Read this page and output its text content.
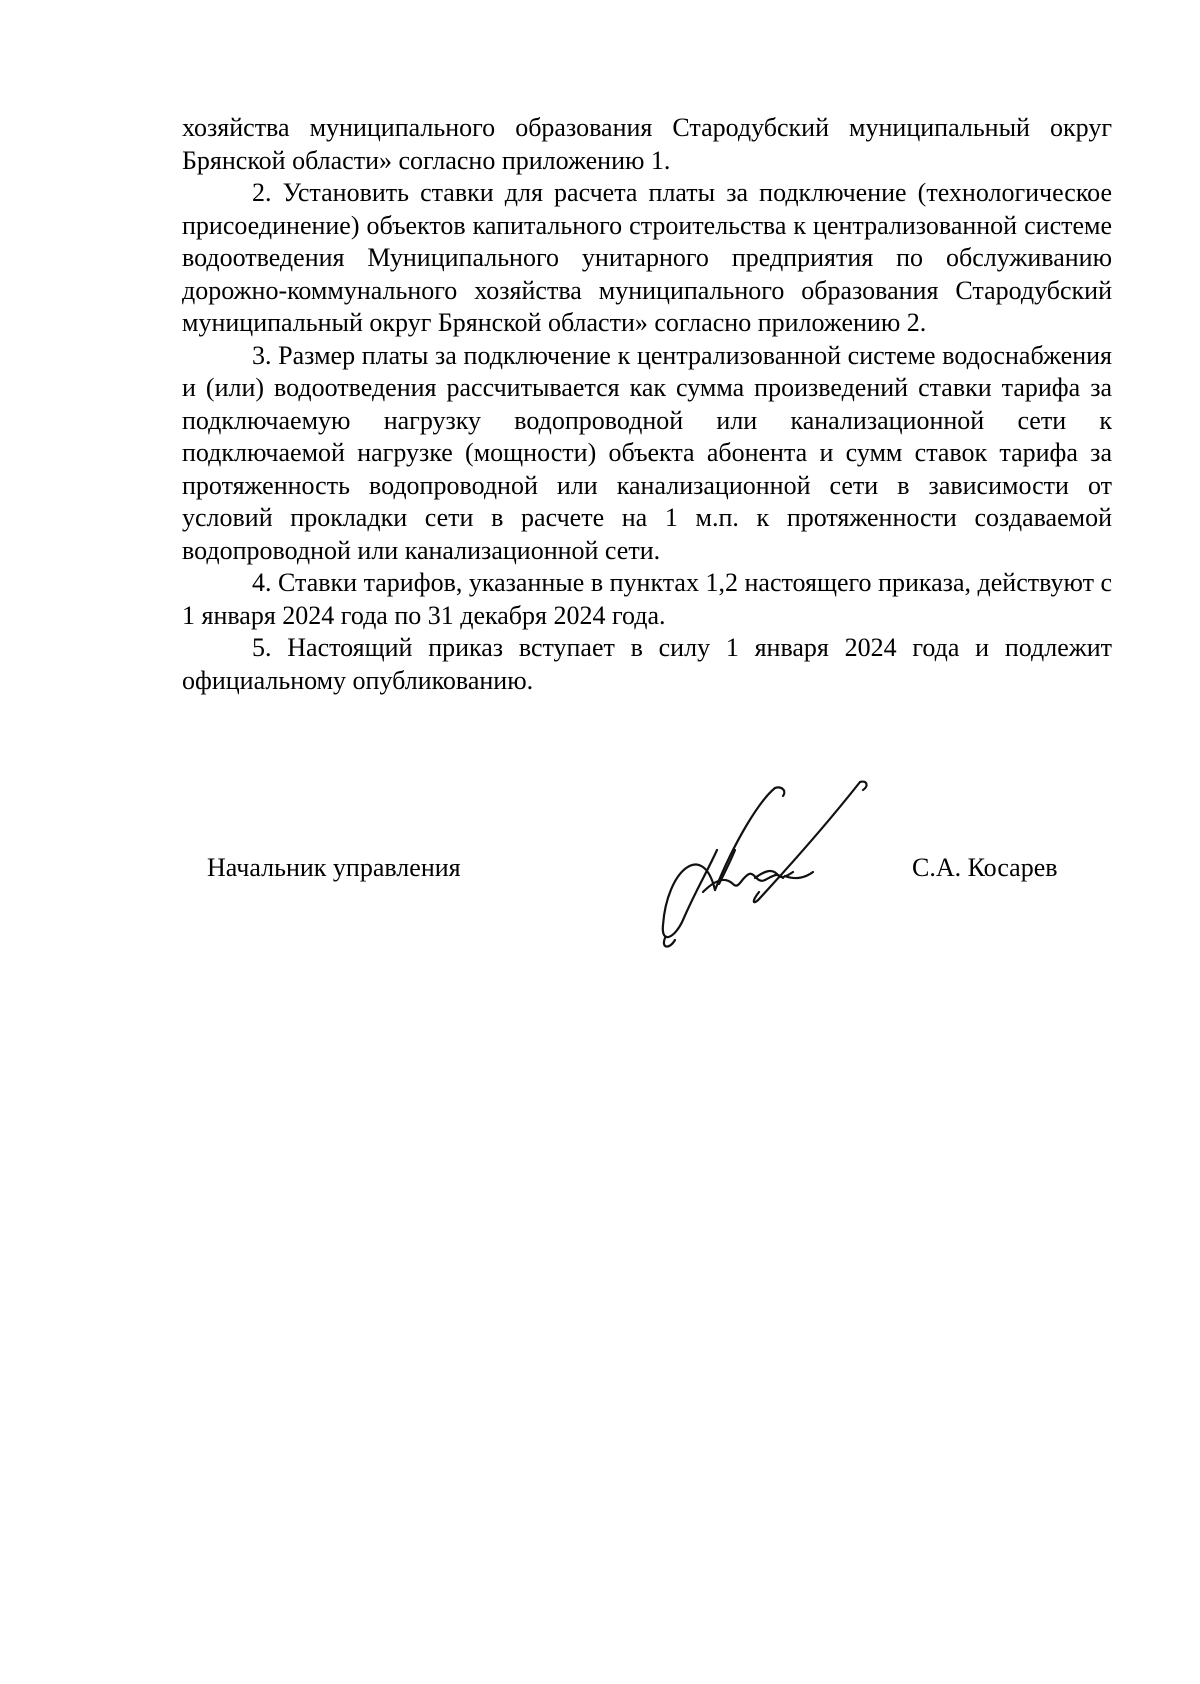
хозяйства муниципального образования Стародубский муниципальный округ Брянской области» согласно приложению 1.

2. Установить ставки для расчета платы за подключение (технологическое присоединение) объектов капитального строительства к централизованной системе водоотведения Муниципального унитарного предприятия по обслуживанию дорожно-коммунального хозяйства муниципального образования Стародубский муниципальный округ Брянской области» согласно приложению 2.

3. Размер платы за подключение к централизованной системе водоснабжения и (или) водоотведения рассчитывается как сумма произведений ставки тарифа за подключаемую нагрузку водопроводной или канализационной сети к подключаемой нагрузке (мощности) объекта абонента и сумм ставок тарифа за протяженность водопроводной или канализационной сети в зависимости от условий прокладки сети в расчете на 1 м.п. к протяженности создаваемой водопроводной или канализационной сети.

4. Ставки тарифов, указанные в пунктах 1,2 настоящего приказа, действуют с 1 января 2024 года по 31 декабря 2024 года.

5. Настоящий приказ вступает в силу 1 января 2024 года и подлежит официальному опубликованию.

Начальник управления	С.А. Косарев
